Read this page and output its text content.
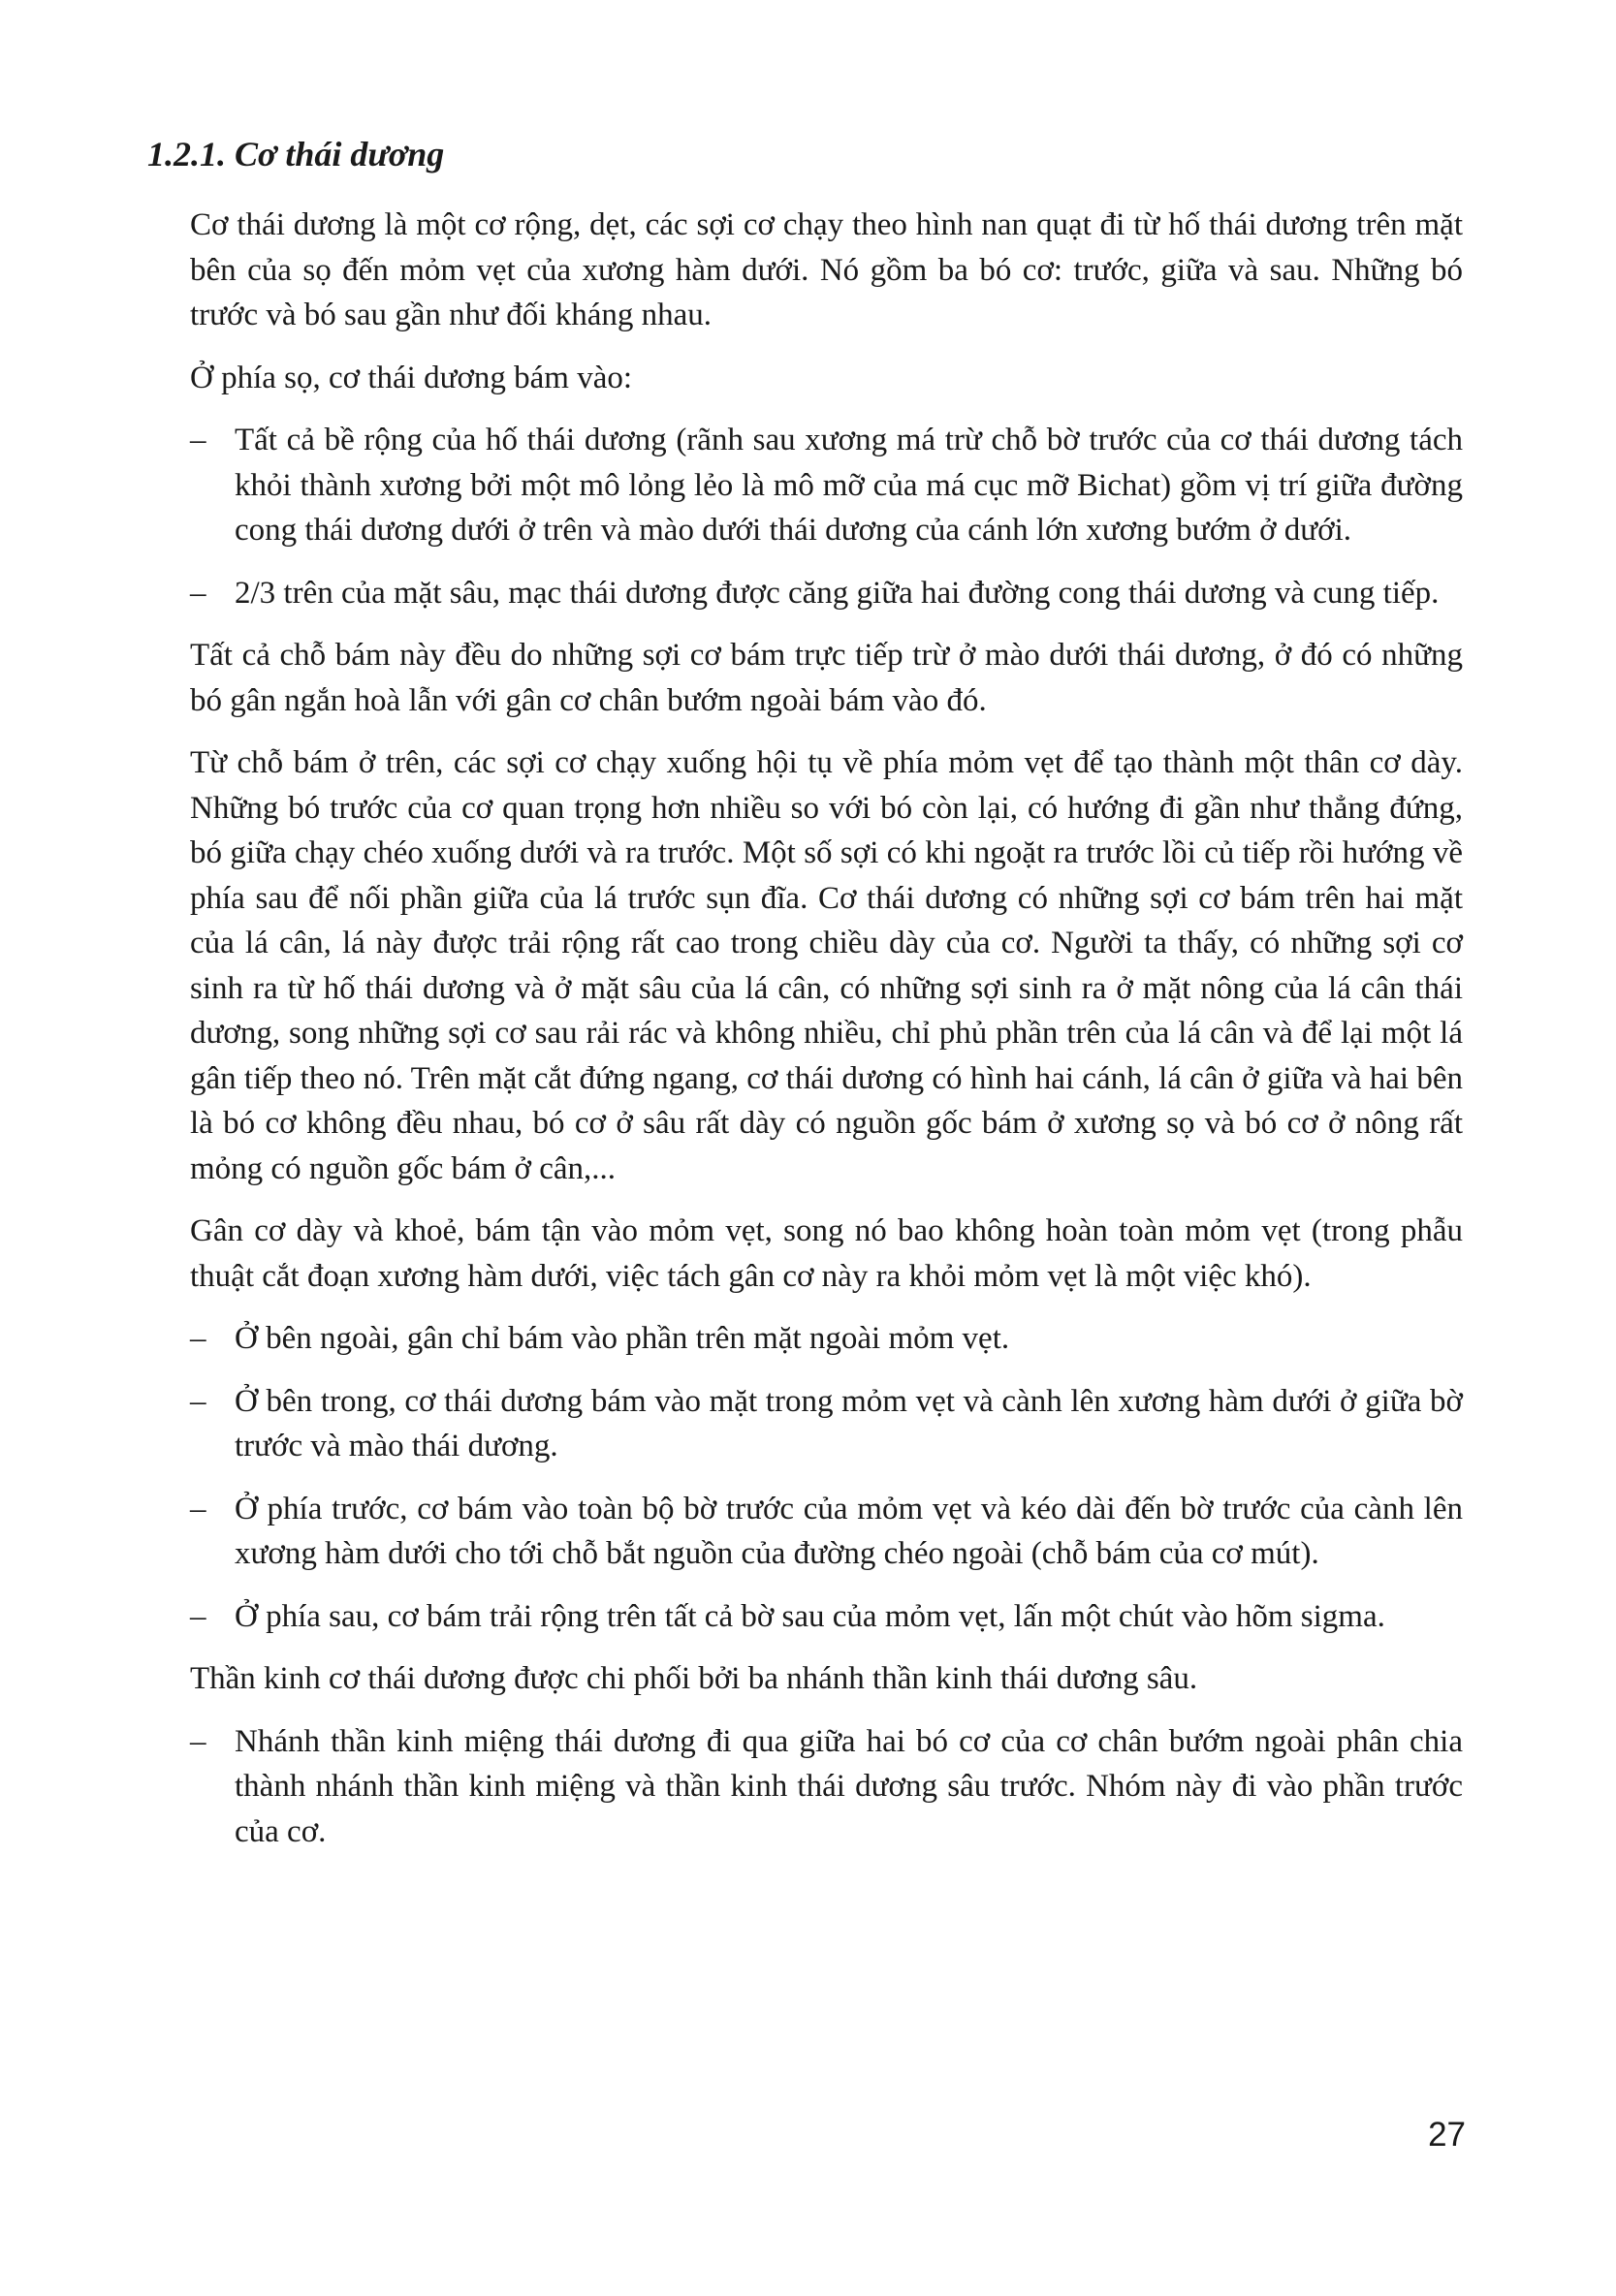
1.2.1. Cơ thái dương

Cơ thái dương là một cơ rộng, dẹt, các sợi cơ chạy theo hình nan quạt đi từ hố thái dương trên mặt bên của sọ đến mỏm vẹt của xương hàm dưới. Nó gồm ba bó cơ: trước, giữa và sau. Những bó trước và bó sau gần như đối kháng nhau.

Ở phía sọ, cơ thái dương bám vào:

– Tất cả bề rộng của hố thái dương (rãnh sau xương má trừ chỗ bờ trước của cơ thái dương tách khỏi thành xương bởi một mô lỏng lẻo là mô mỡ của má cục mỡ Bichat) gồm vị trí giữa đường cong thái dương dưới ở trên và mào dưới thái dương của cánh lớn xương bướm ở dưới.
– 2/3 trên của mặt sâu, mạc thái dương được căng giữa hai đường cong thái dương và cung tiếp.

Tất cả chỗ bám này đều do những sợi cơ bám trực tiếp trừ ở mào dưới thái dương, ở đó có những bó gân ngắn hoà lẫn với gân cơ chân bướm ngoài bám vào đó.

Từ chỗ bám ở trên, các sợi cơ chạy xuống hội tụ về phía mỏm vẹt để tạo thành một thân cơ dày. Những bó trước của cơ quan trọng hơn nhiều so với bó còn lại, có hướng đi gần như thẳng đứng, bó giữa chạy chéo xuống dưới và ra trước. Một số sợi có khi ngoặt ra trước lồi củ tiếp rồi hướng về phía sau để nối phần giữa của lá trước sụn đĩa. Cơ thái dương có những sợi cơ bám trên hai mặt của lá cân, lá này được trải rộng rất cao trong chiều dày của cơ. Người ta thấy, có những sợi cơ sinh ra từ hố thái dương và ở mặt sâu của lá cân, có những sợi sinh ra ở mặt nông của lá cân thái dương, song những sợi cơ sau rải rác và không nhiều, chỉ phủ phần trên của lá cân và để lại một lá gân tiếp theo nó. Trên mặt cắt đứng ngang, cơ thái dương có hình hai cánh, lá cân ở giữa và hai bên là bó cơ không đều nhau, bó cơ ở sâu rất dày có nguồn gốc bám ở xương sọ và bó cơ ở nông rất mỏng có nguồn gốc bám ở cân,...

Gân cơ dày và khoẻ, bám tận vào mỏm vẹt, song nó bao không hoàn toàn mỏm vẹt (trong phẫu thuật cắt đoạn xương hàm dưới, việc tách gân cơ này ra khỏi mỏm vẹt là một việc khó).

– Ở bên ngoài, gân chỉ bám vào phần trên mặt ngoài mỏm vẹt.
– Ở bên trong, cơ thái dương bám vào mặt trong mỏm vẹt và cành lên xương hàm dưới ở giữa bờ trước và mào thái dương.
– Ở phía trước, cơ bám vào toàn bộ bờ trước của mỏm vẹt và kéo dài đến bờ trước của cành lên xương hàm dưới cho tới chỗ bắt nguồn của đường chéo ngoài (chỗ bám của cơ mút).
– Ở phía sau, cơ bám trải rộng trên tất cả bờ sau của mỏm vẹt, lấn một chút vào hõm sigma.

Thần kinh cơ thái dương được chi phối bởi ba nhánh thần kinh thái dương sâu.

– Nhánh thần kinh miệng thái dương đi qua giữa hai bó cơ của cơ chân bướm ngoài phân chia thành nhánh thần kinh miệng và thần kinh thái dương sâu trước. Nhóm này đi vào phần trước của cơ.
27
